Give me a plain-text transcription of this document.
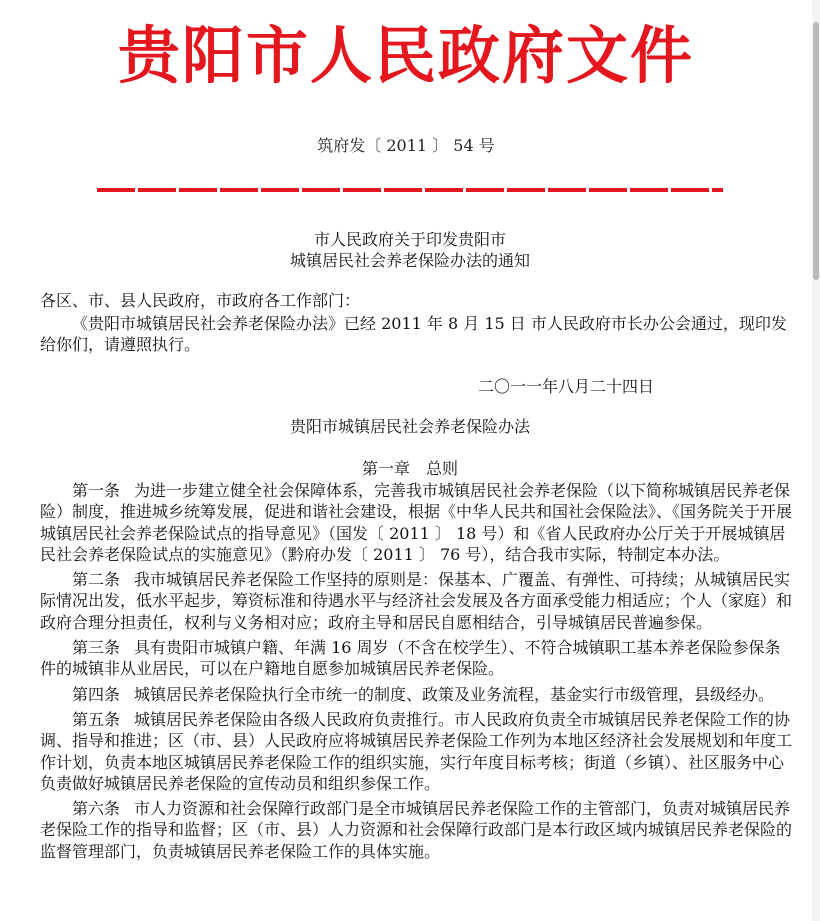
贵阳市人民政府文件
筑府发〔 2011 〕 54 号
市人民政府关于印发贵阳市
城镇居民社会养老保险办法的通知
各区、市、县人民政府，市政府各工作部门：
《贵阳市城镇居民社会养老保险办法》已经 2011 年 8 月 15 日 市人民政府市长办公会通过，现印发给你们，请遵照执行。
二〇一一年八月二十四日
贵阳市城镇居民社会养老保险办法
第一章　总则

第一条 为进一步建立健全社会保障体系，完善我市城镇居民社会养老保险（以下简称城镇居民养老保险）制度，推进城乡统筹发展，促进和谐社会建设，根据《中华人民共和国社会保险法》、《国务院关于开展城镇居民社会养老保险试点的指导意见》（国发〔 2011 〕 18 号）和《省人民政府办公厅关于开展城镇居民社会养老保险试点的实施意见》（黔府办发〔 2011 〕 76 号），结合我市实际，特制定本办法。

第二条 我市城镇居民养老保险工作坚持的原则是：保基本、广覆盖、有弹性、可持续；从城镇居民实际情况出发，低水平起步，筹资标准和待遇水平与经济社会发展及各方面承受能力相适应；个人（家庭）和政府合理分担责任，权利与义务相对应；政府主导和居民自愿相结合，引导城镇居民普遍参保。

第三条 具有贵阳市城镇户籍、年满 16 周岁（不含在校学生）、不符合城镇职工基本养老保险参保条件的城镇非从业居民，可以在户籍地自愿参加城镇居民养老保险。

第四条 城镇居民养老保险执行全市统一的制度、政策及业务流程，基金实行市级管理，县级经办。

第五条 城镇居民养老保险由各级人民政府负责推行。市人民政府负责全市城镇居民养老保险工作的协调、指导和推进；区（市、县）人民政府应将城镇居民养老保险工作列为本地区经济社会发展规划和年度工作计划，负责本地区城镇居民养老保险工作的组织实施，实行年度目标考核；街道（乡镇）、社区服务中心负责做好城镇居民养老保险的宣传动员和组织参保工作。

第六条 市人力资源和社会保障行政部门是全市城镇居民养老保险工作的主管部门，负责对城镇居民养老保险工作的指导和监督；区（市、县）人力资源和社会保障行政部门是本行政区域内城镇居民养老保险的监督管理部门，负责城镇居民养老保险工作的具体实施。
